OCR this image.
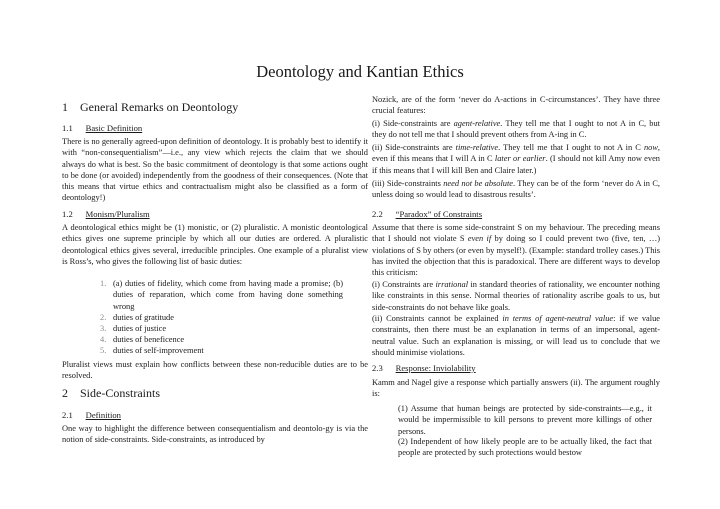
Deontology and Kantian Ethics
1 General Remarks on Deontology
1.1 Basic Definition

There is no generally agreed-upon definition of deontology. It is probably best to identify it with “non-consequentialism”—i.e., any view which rejects the claim that we should always do what is best. So the basic commitment of deontology is that some actions ought to be done (or avoided) independently from the goodness of their consequences. (Note that this means that virtue ethics and contractualism might also be classified as a form of deontology!)

1.2 Monism/Pluralism

A deontological ethics might be (1) monistic, or (2) pluralistic. A monistic deontological ethics gives one supreme principle by which all our duties are ordered. A pluralistic deontological ethics gives several, irreducible principles. One example of a pluralist view is Ross’s, who gives the following list of basic duties:

1. (a) duties of fidelity, which come from having made a promise; (b) duties of reparation, which come from having done something wrong

2. duties of gratitude
3. duties of justice
4. duties of beneficence
5. duties of self-improvement

Pluralist views must explain how conflicts between these non-reducible duties are to be resolved.

2 Side-Constraints
2.1 Definition

One way to highlight the difference between consequentialism and deontolo-gy is via the notion of side-constraints. Side-constraints, as introduced by

Nozick, are of the form ‘never do A-actions in C-circumstances’. They have three crucial features:

(i) Side-constraints are agent-relative. They tell me that I ought to not A in C, but they do not tell me that I should prevent others from A-ing in C.

(ii) Side-constraints are time-relative. They tell me that I ought to not A in C now, even if this means that I will A in C later or earlier. (I should not kill Amy now even if this means that I will kill Ben and Claire later.)

(iii) Side-constraints need not be absolute. They can be of the form ‘never do A in C, unless doing so would lead to disastrous results’.

2.2 “Paradox” of Constraints

Assume that there is some side-constraint S on my behaviour. The preceding means that I should not violate S even if by doing so I could prevent two (five, ten, …) violations of S by others (or even by myself!). (Example: standard trolley cases.) This has invited the objection that this is paradoxical. There are different ways to develop this criticism:

(i) Constraints are irrational in standard theories of rationality, we encounter nothing like constraints in this sense. Normal theories of rationality ascribe goals to us, but side-constraints do not behave like goals.

(ii) Constraints cannot be explained in terms of agent-neutral value: if we value constraints, then there must be an explanation in terms of an impersonal, agent-neutral value. Such an explanation is missing, or will lead us to conclude that we should minimise violations.

2.3 Response: Inviolability

Kamm and Nagel give a response which partially answers (ii). The argument roughly is:

(1) Assume that human beings are protected by side-constraints—e.g., it would be impermissible to kill persons to prevent more killings of other persons.

(2) Independent of how likely people are to be actually liked, the fact that people are protected by such protections would bestow
